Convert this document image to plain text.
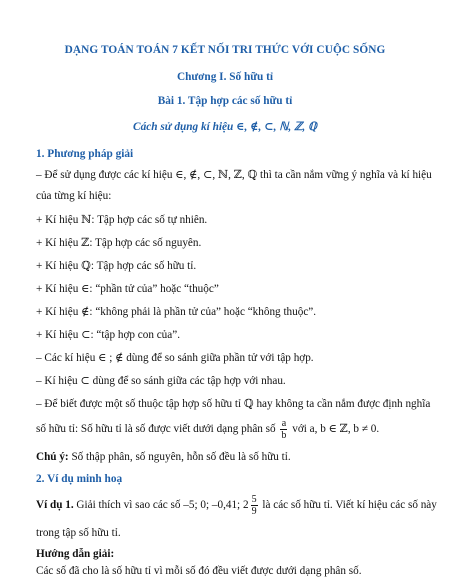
DẠNG TOÁN TOÁN 7 KẾT NỐI TRI THỨC VỚI CUỘC SỐNG
Chương I. Số hữu tỉ
Bài 1. Tập hợp các số hữu tỉ
Cách sử dụng kí hiệu ∈, ∉, ⊂, ℕ, ℤ, ℚ
1. Phương pháp giải
– Để sử dụng được các kí hiệu ∈, ∉, ⊂, ℕ, ℤ, ℚ thì ta cần nắm vững ý nghĩa và kí hiệu
của từng kí hiệu:
+ Kí hiệu ℕ: Tập hợp các số tự nhiên.
+ Kí hiệu ℤ: Tập hợp các số nguyên.
+ Kí hiệu ℚ: Tập hợp các số hữu tỉ.
+ Kí hiệu ∈: “phần tử của” hoặc “thuộc”
+ Kí hiệu ∉: “không phải là phần tử của” hoặc “không thuộc”.
+ Kí hiệu ⊂: “tập hợp con của”.
– Các kí hiệu ∈ ; ∉ dùng để so sánh giữa phần tử với tập hợp.
– Kí hiệu ⊂ dùng để so sánh giữa các tập hợp với nhau.
– Để biết được một số thuộc tập hợp số hữu tỉ ℚ hay không ta cần nắm được định nghĩa
số hữu tỉ: Số hữu tỉ là số được viết dưới dạng phân số $\frac{a}{b}$ với a, b ∈ ℤ, b ≠ 0.
Chú ý: Số thập phân, số nguyên, hỗn số đều là số hữu tỉ.
2. Ví dụ minh hoạ
Ví dụ 1. Giải thích vì sao các số –5; 0; –0,41; $2 \frac{5}{9}$ là các số hữu tỉ. Viết kí hiệu các số này
trong tập số hữu tỉ.
Hướng dẫn giải:
Các số đã cho là số hữu tỉ vì mỗi số đó đều viết được dưới dạng phân số.
